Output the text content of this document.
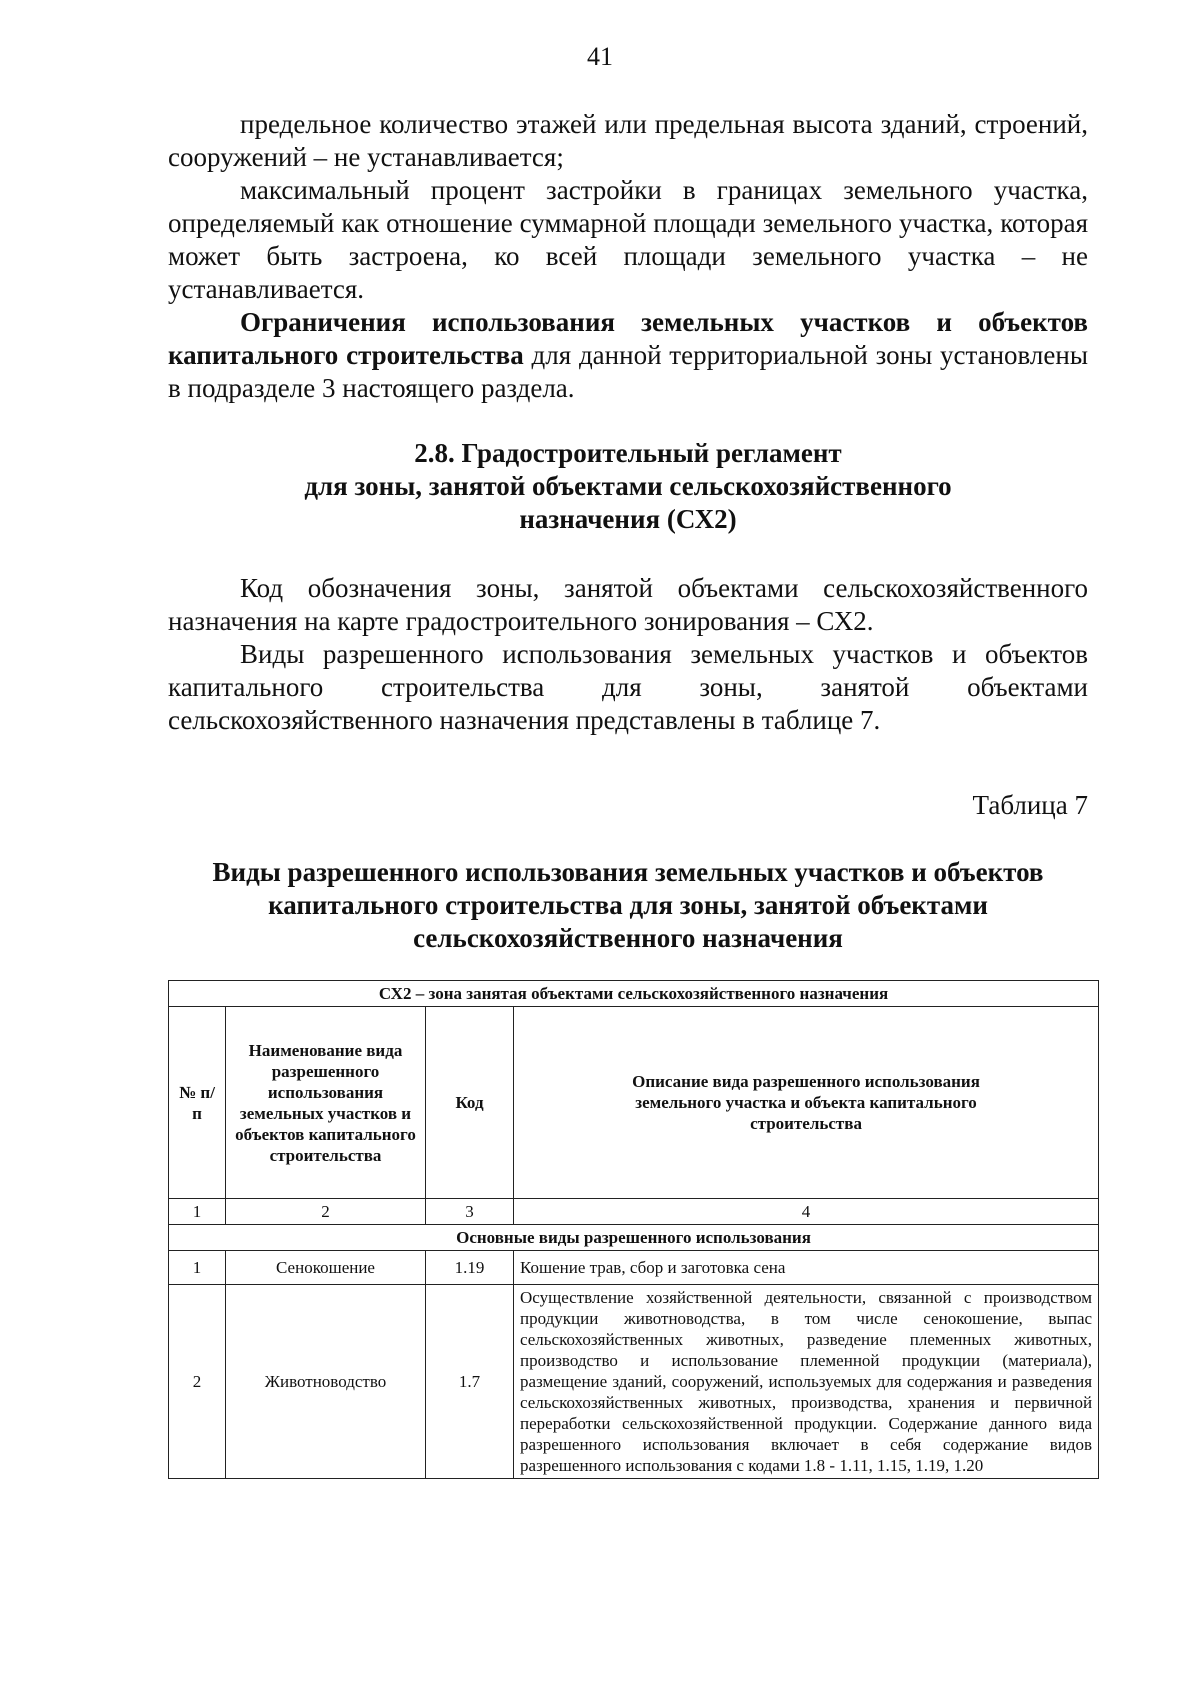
41

предельное количество этажей или предельная высота зданий, строений, сооружений – не устанавливается;

максимальный процент застройки в границах земельного участка, определяемый как отношение суммарной площади земельного участка, которая может быть застроена, ко всей площади земельного участка – не устанавливается.

Ограничения использования земельных участков и объектов капитального строительства для данной территориальной зоны установлены в подразделе 3 настоящего раздела.

2.8. Градостроительный регламент
для зоны, занятой объектами сельскохозяйственного
назначения (СХ2)

Код обозначения зоны, занятой объектами сельскохозяйственного назначения на карте градостроительного зонирования – СХ2.

Виды разрешенного использования земельных участков и объектов капитального строительства для зоны, занятой объектами сельскохозяйственного назначения представлены в таблице 7.

Таблица 7
Виды разрешенного использования земельных участков и объектов
капитального строительства для зоны, занятой объектами
сельскохозяйственного назначения
СХ2 – зона занятая объектами сельскохозяйственного назначения			
№ п/п	Наименование вида разрешенного использования земельных участков и объектов капитального строительства	Код	Описание вида разрешенного использования земельного участка и объекта капитального строительства
1	2	3	4
Основные виды разрешенного использования			
1	Сенокошение	1.19	Кошение трав, сбор и заготовка сена
2	Животноводство	1.7	Осуществление хозяйственной деятельности, связанной с производством продукции животноводства, в том числе сенокошение, выпас сельскохозяйственных животных, разведение племенных животных, производство и использование племенной продукции (материала), размещение зданий, сооружений, используемых для содержания и разведения сельскохозяйственных животных, производства, хранения и первичной переработки сельскохозяйственной продукции. Содержание данного вида разрешенного использования включает в себя содержание видов разрешенного использования с кодами 1.8 - 1.11, 1.15, 1.19, 1.20
